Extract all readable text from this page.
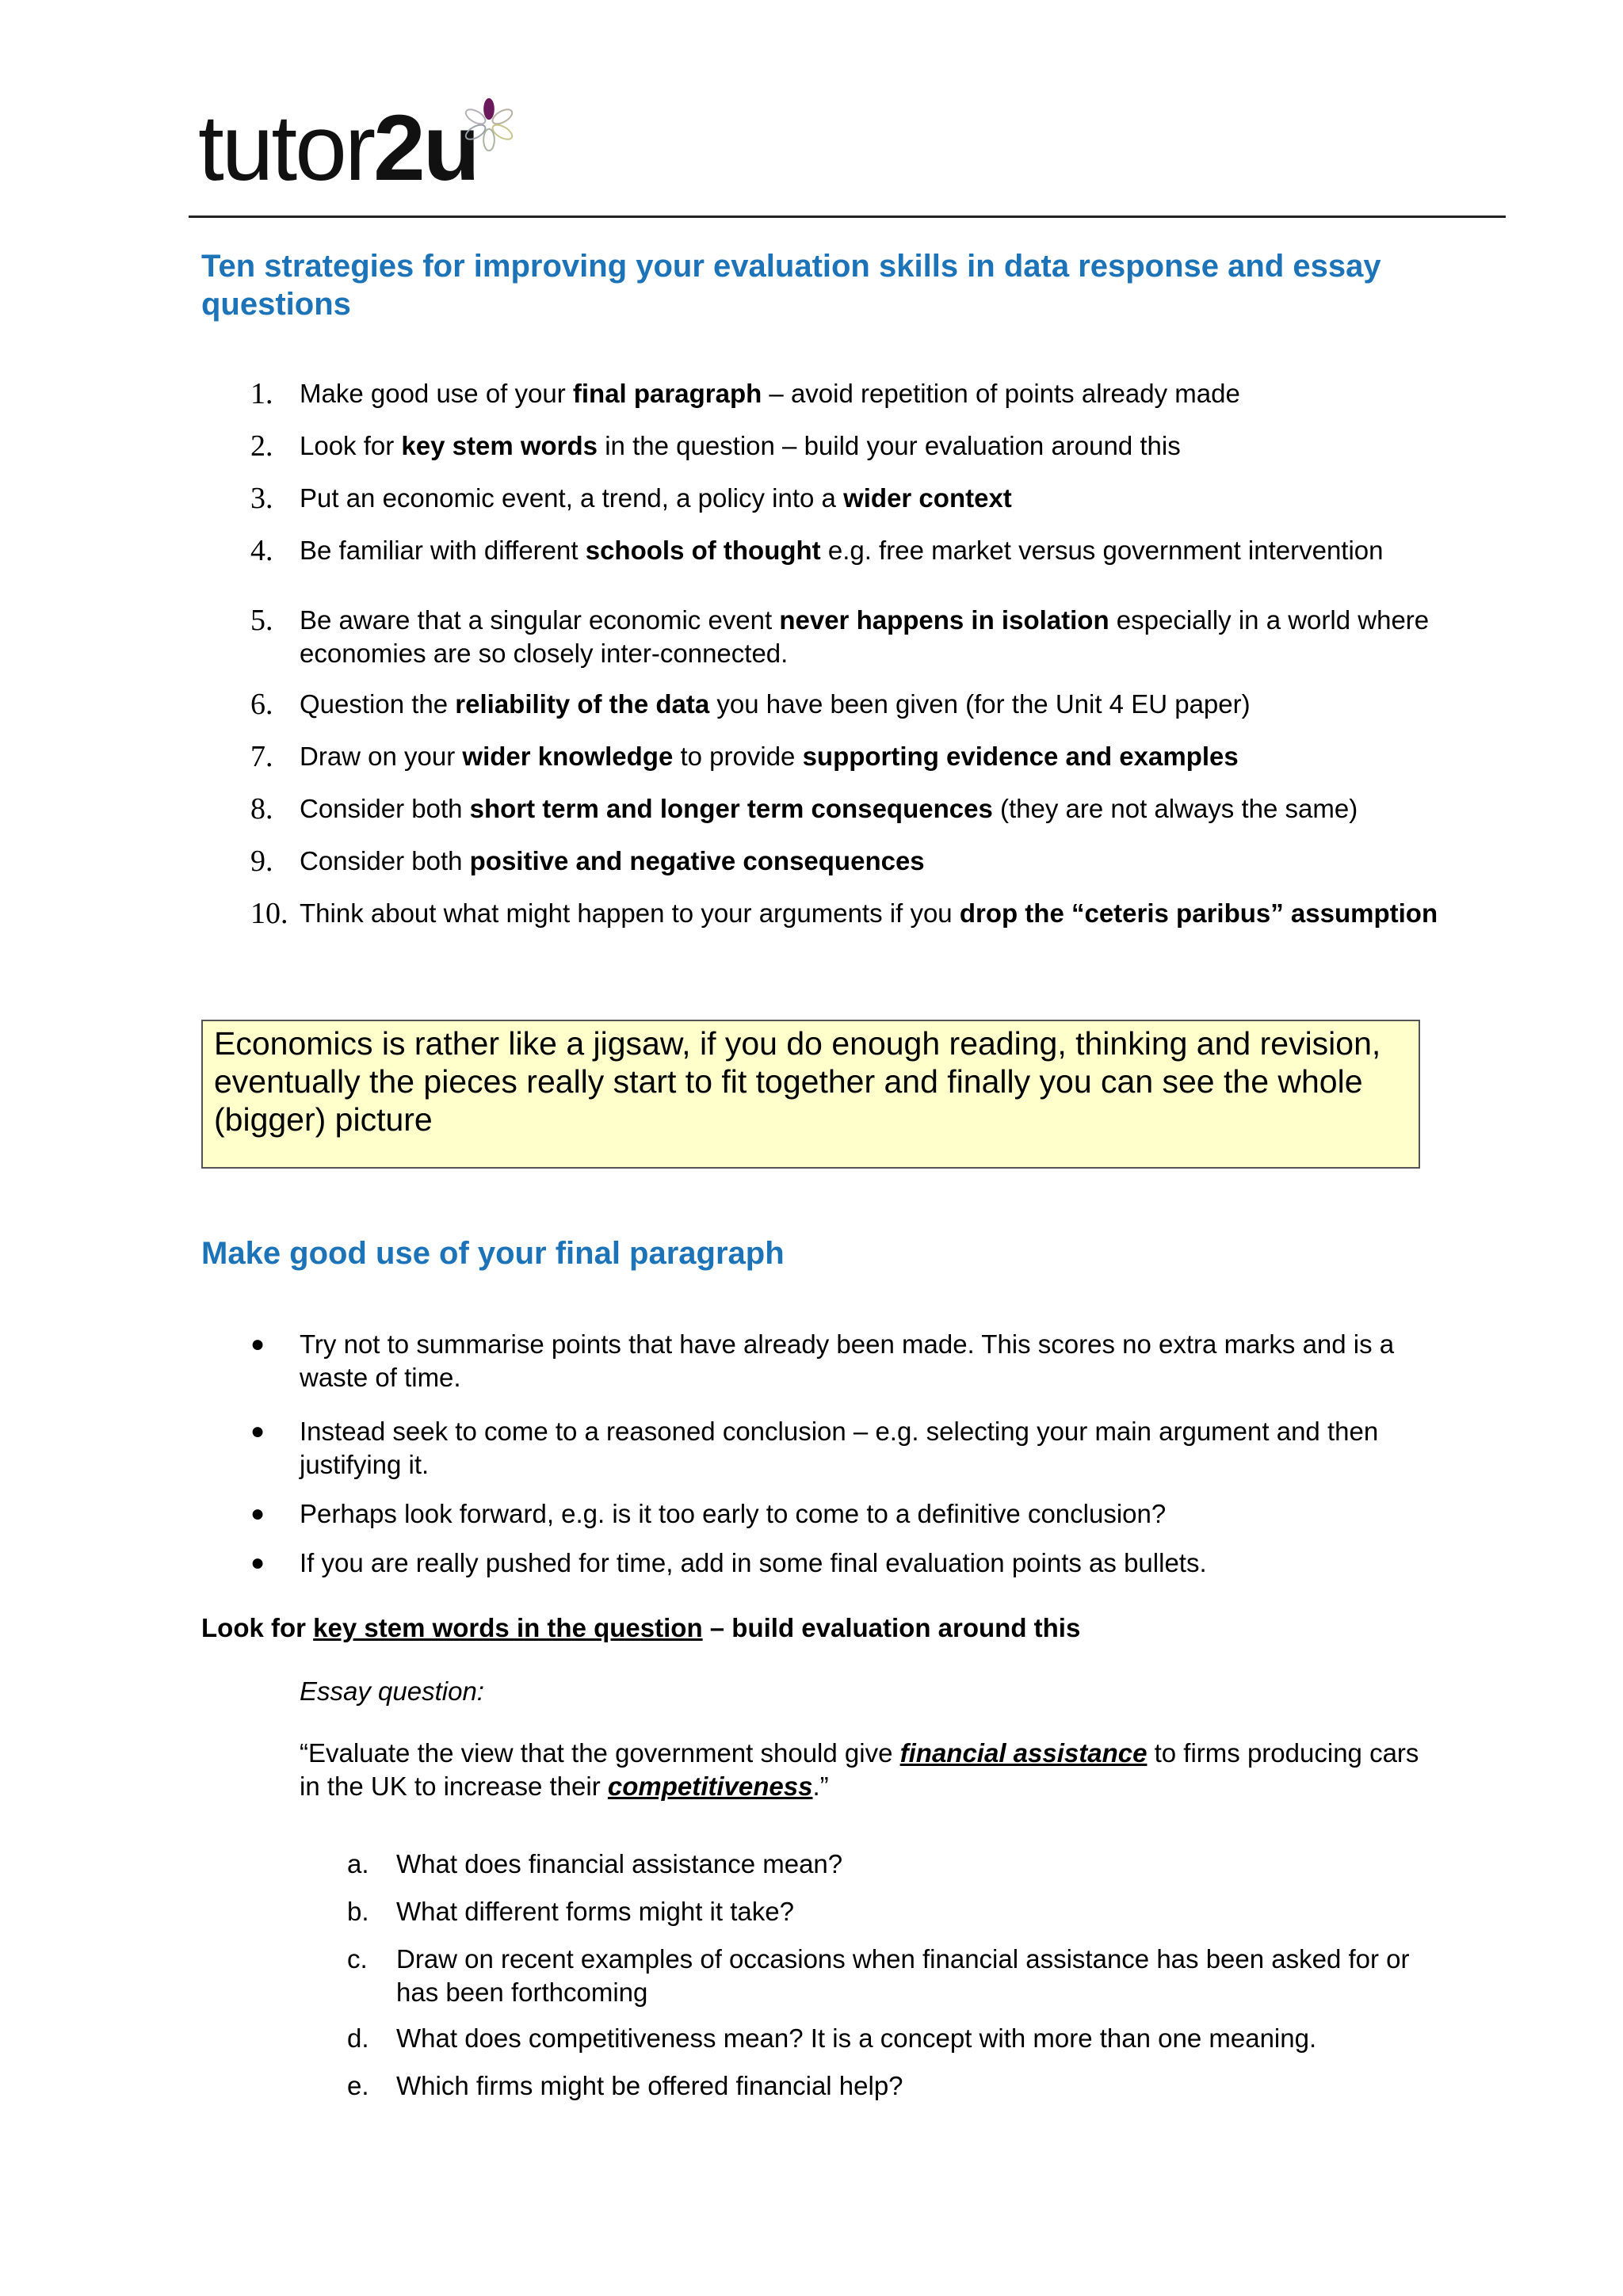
tutor2u
Ten strategies for improving your evaluation skills in data response and essay questions
1. Make good use of your final paragraph – avoid repetition of points already made
2. Look for key stem words in the question – build your evaluation around this
3. Put an economic event, a trend, a policy into a wider context
4. Be familiar with different schools of thought e.g. free market versus government intervention
5. Be aware that a singular economic event never happens in isolation especially in a world where economies are so closely inter-connected.
6. Question the reliability of the data you have been given (for the Unit 4 EU paper)
7. Draw on your wider knowledge to provide supporting evidence and examples
8. Consider both short term and longer term consequences (they are not always the same)
9. Consider both positive and negative consequences
10. Think about what might happen to your arguments if you drop the “ceteris paribus” assumption
Economics is rather like a jigsaw, if you do enough reading, thinking and revision, eventually the pieces really start to fit together and finally you can see the whole (bigger) picture
Make good use of your final paragraph
● Try not to summarise points that have already been made. This scores no extra marks and is a waste of time.
● Instead seek to come to a reasoned conclusion – e.g. selecting your main argument and then justifying it.
● Perhaps look forward, e.g. is it too early to come to a definitive conclusion?
● If you are really pushed for time, add in some final evaluation points as bullets.
Look for key stem words in the question – build evaluation around this
Essay question:
“Evaluate the view that the government should give financial assistance to firms producing cars in the UK to increase their competitiveness.”
a. What does financial assistance mean?
b. What different forms might it take?
c. Draw on recent examples of occasions when financial assistance has been asked for or has been forthcoming
d. What does competitiveness mean? It is a concept with more than one meaning.
e. Which firms might be offered financial help?
